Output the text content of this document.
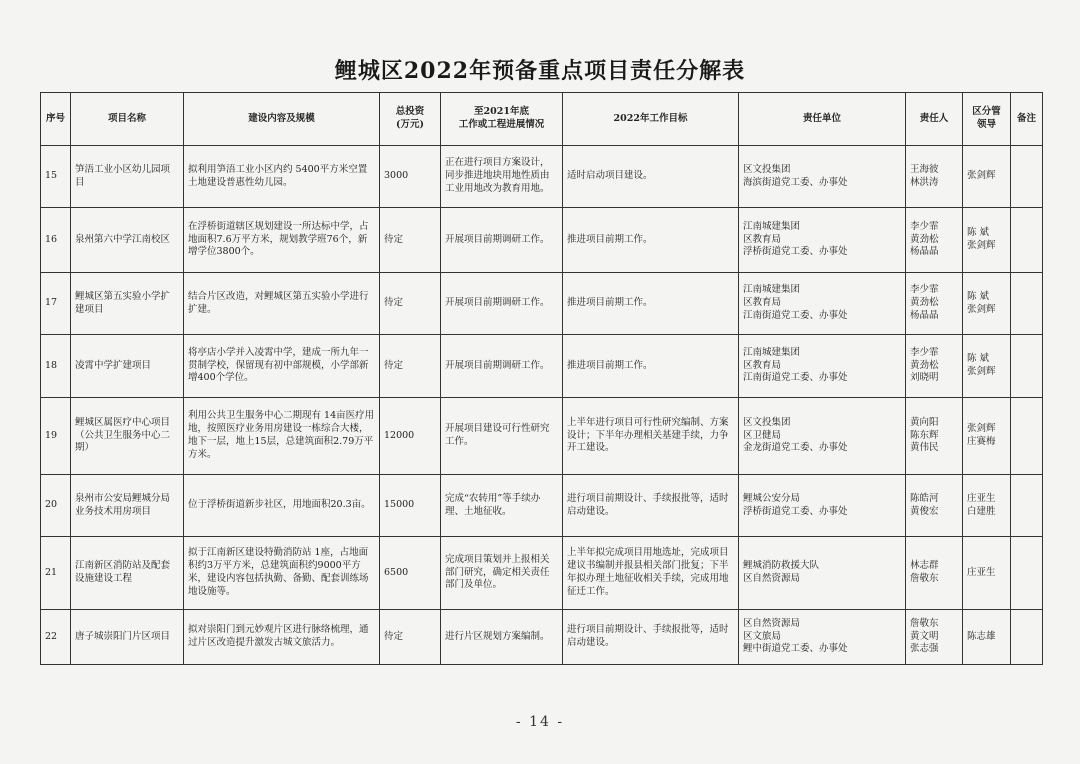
鲤城区2022年预备重点项目责任分解表
序号	项目名称	建设内容及规模	总投资
(万元)	至2021年底
工作或工程进展情况	2022年工作目标	责任单位	责任人	区分管
领导	备注
15	笋浯工业小区幼儿园项目	拟利用笋浯工业小区内约 5400平方米空置土地建设普惠性幼儿园。	3000	正在进行项目方案设计，同步推进地块用地性质由工业用地改为教育用地。	适时启动项目建设。	区文投集团
海滨街道党工委、办事处	王海彼
林洪涛	张剑辉	
16	泉州第六中学江南校区	在浮桥街道辖区规划建设一所达标中学，占地面积7.6万平方米，规划教学班76个，新增学位3800个。	待定	开展项目前期调研工作。	推进项目前期工作。	江南城建集团
区教育局
浮桥街道党工委、办事处	李少霏
黄劲松
杨晶晶	陈 斌
张剑辉	
17	鲤城区第五实验小学扩建项目	结合片区改造，对鲤城区第五实验小学进行扩建。	待定	开展项目前期调研工作。	推进项目前期工作。	江南城建集团
区教育局
江南街道党工委、办事处	李少霏
黄劲松
杨晶晶	陈 斌
张剑辉	
18	凌霄中学扩建项目	将亭店小学并入凌霄中学，建成一所九年一贯制学校，保留现有初中部规模，小学部新增400个学位。	待定	开展项目前期调研工作。	推进项目前期工作。	江南城建集团
区教育局
江南街道党工委、办事处	李少霏
黄劲松
刘晓明	陈 斌
张剑辉	
19	鲤城区属医疗中心项目（公共卫生服务中心二期）	利用公共卫生服务中心二期现有 14亩医疗用地，按照医疗业务用房建设一栋综合大楼，地下一层，地上15层，总建筑面积2.79万平方米。	12000	开展项目建设可行性研究工作。	上半年进行项目可行性研究编制、方案设计；下半年办理相关基建手续，力争开工建设。	区文投集团
区卫健局
金龙街道党工委、办事处	黄向阳
陈东辉
黄伟民	张剑辉
庄赛梅	
20	泉州市公安局鲤城分局业务技术用房项目	位于浮桥街道新步社区，用地面积20.3亩。	15000	完成“农转用”等手续办理、土地征收。	进行项目前期设计、手续报批等，适时启动建设。	鲤城公安分局
浮桥街道党工委、办事处	陈皓河
黄俊宏	庄亚生
白建胜	
21	江南新区消防站及配套设施建设工程	拟于江南新区建设特勤消防站 1座，占地面积约3万平方米，总建筑面积约9000平方米，建设内容包括执勤、备勤、配套训练场地设施等。	6500	完成项目策划并上报相关部门研究，确定相关责任部门及单位。	上半年拟完成项目用地选址，完成项目建议书编制并报县相关部门批复；下半年拟办理土地征收相关手续，完成用地征迁工作。	鲤城消防救援大队
区自然资源局	林志群
詹敬东	庄亚生	
22	唐子城崇阳门片区项目	拟对崇阳门到元妙观片区进行脉络梳理，通过片区改造提升激发古城文旅活力。	待定	进行片区规划方案编制。	进行项目前期设计、手续报批等，适时启动建设。	区自然资源局
区文旅局
鲤中街道党工委、办事处	詹敬东
黄文明
张志强	陈志雄	
- 14 -
